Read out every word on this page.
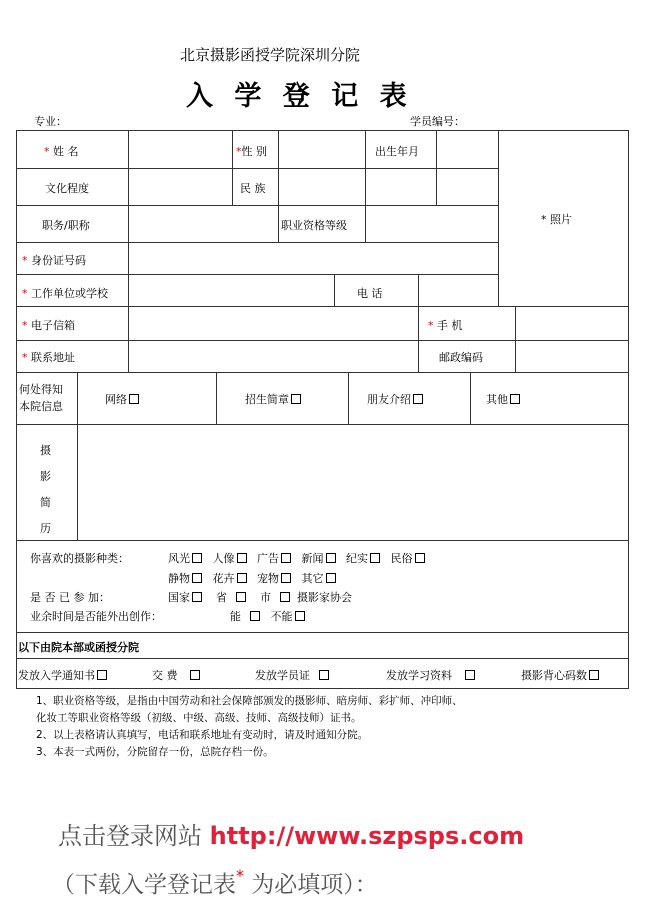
北京摄影函授学院深圳分院
入 学 登 记 表
专业：	学员编号：
* 姓 名	*性 别	出生年月
* 照片
文化程度	民 族
职务/职称	职业资格等级
* 身份证号码
* 工作单位或学校	电 话
* 电子信箱	* 手 机
* 联系地址	邮政编码
何处得知
本院信息
网络	招生简章	朋友介绍	其他
摄
影
简
历
你喜欢的摄影种类：	风光 人像 广告 新闻 纪实 民俗
静物 花卉 宠物 其它
是 否 已 参 加：	国家 省	市 摄影家协会
业余时间是否能外出创作：	能	不能
以下由院本部或函授分院
发放入学通知书	交 费	发放学员证	发放学习资料	摄影背心码数
1、职业资格等级，是指由中国劳动和社会保障部颁发的摄影师、暗房师、彩扩师、冲印师、
化妆工等职业资格等级（初级、中级、高级、技师、高级技师）证书。
2、以上表格请认真填写，电话和联系地址有变动时，请及时通知分院。
3、本表一式两份，分院留存一份，总院存档一份。
点击登录网站 http://www.szpsps.com
（下载入学登记表* 为必填项）：
